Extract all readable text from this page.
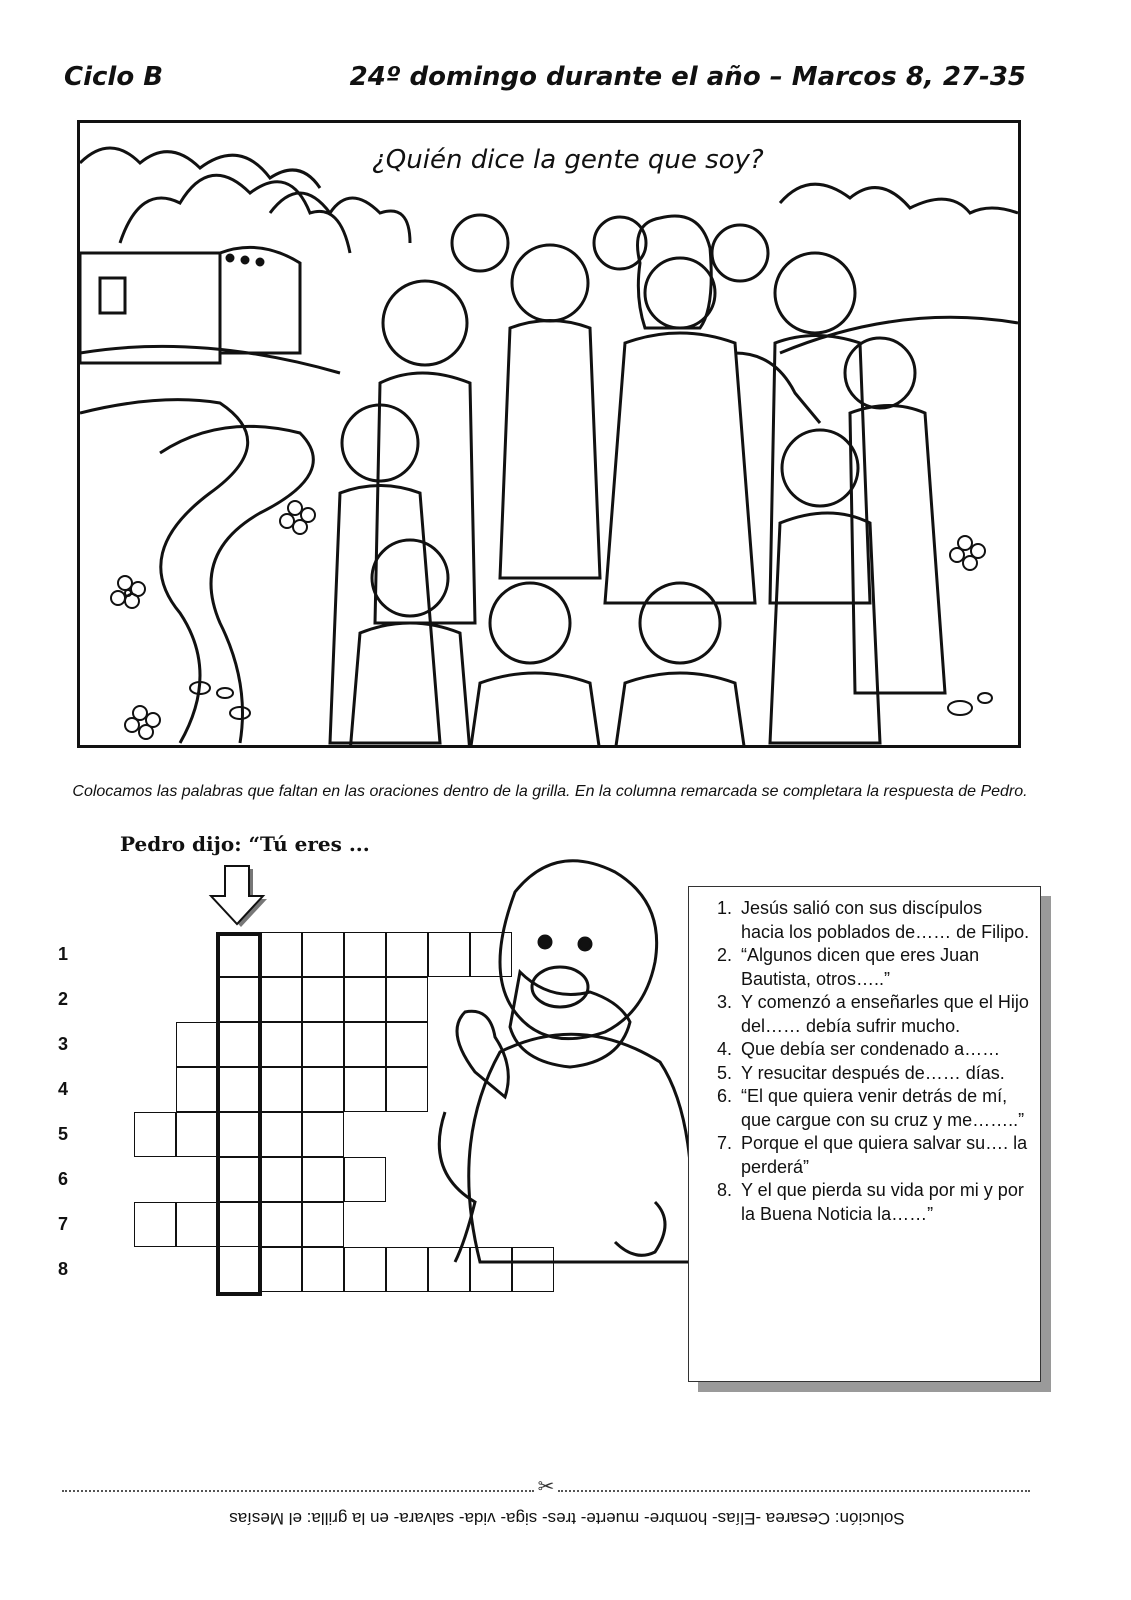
Ciclo B	24º domingo durante el año – Marcos 8, 27-35
¿Quién dice la gente que soy?
Colocamos las palabras que faltan en las oraciones dentro de la grilla. En la columna remarcada se completara la respuesta de Pedro.
Pedro dijo: “Tú eres ...
1
2
3
4
5
6
7
8
1. Jesús salió con sus discípulos hacia los poblados de…… de Filipo.
2. “Algunos dicen que eres Juan Bautista, otros…..”
3. Y comenzó a enseñarles que el Hijo del…… debía sufrir mucho.
4. Que debía ser condenado a……
5. Y resucitar después de…… días.
6. “El que quiera venir detrás de mí, que cargue con su cruz y me……..”
7. Porque el que quiera salvar su…. la perderá”
8. Y el que pierda su vida por mi y por la Buena Noticia la……”
✂
Solución: Cesarea -Elías- hombre- muerte- tres- siga- vida- salvara- en la grilla: el Mesías
